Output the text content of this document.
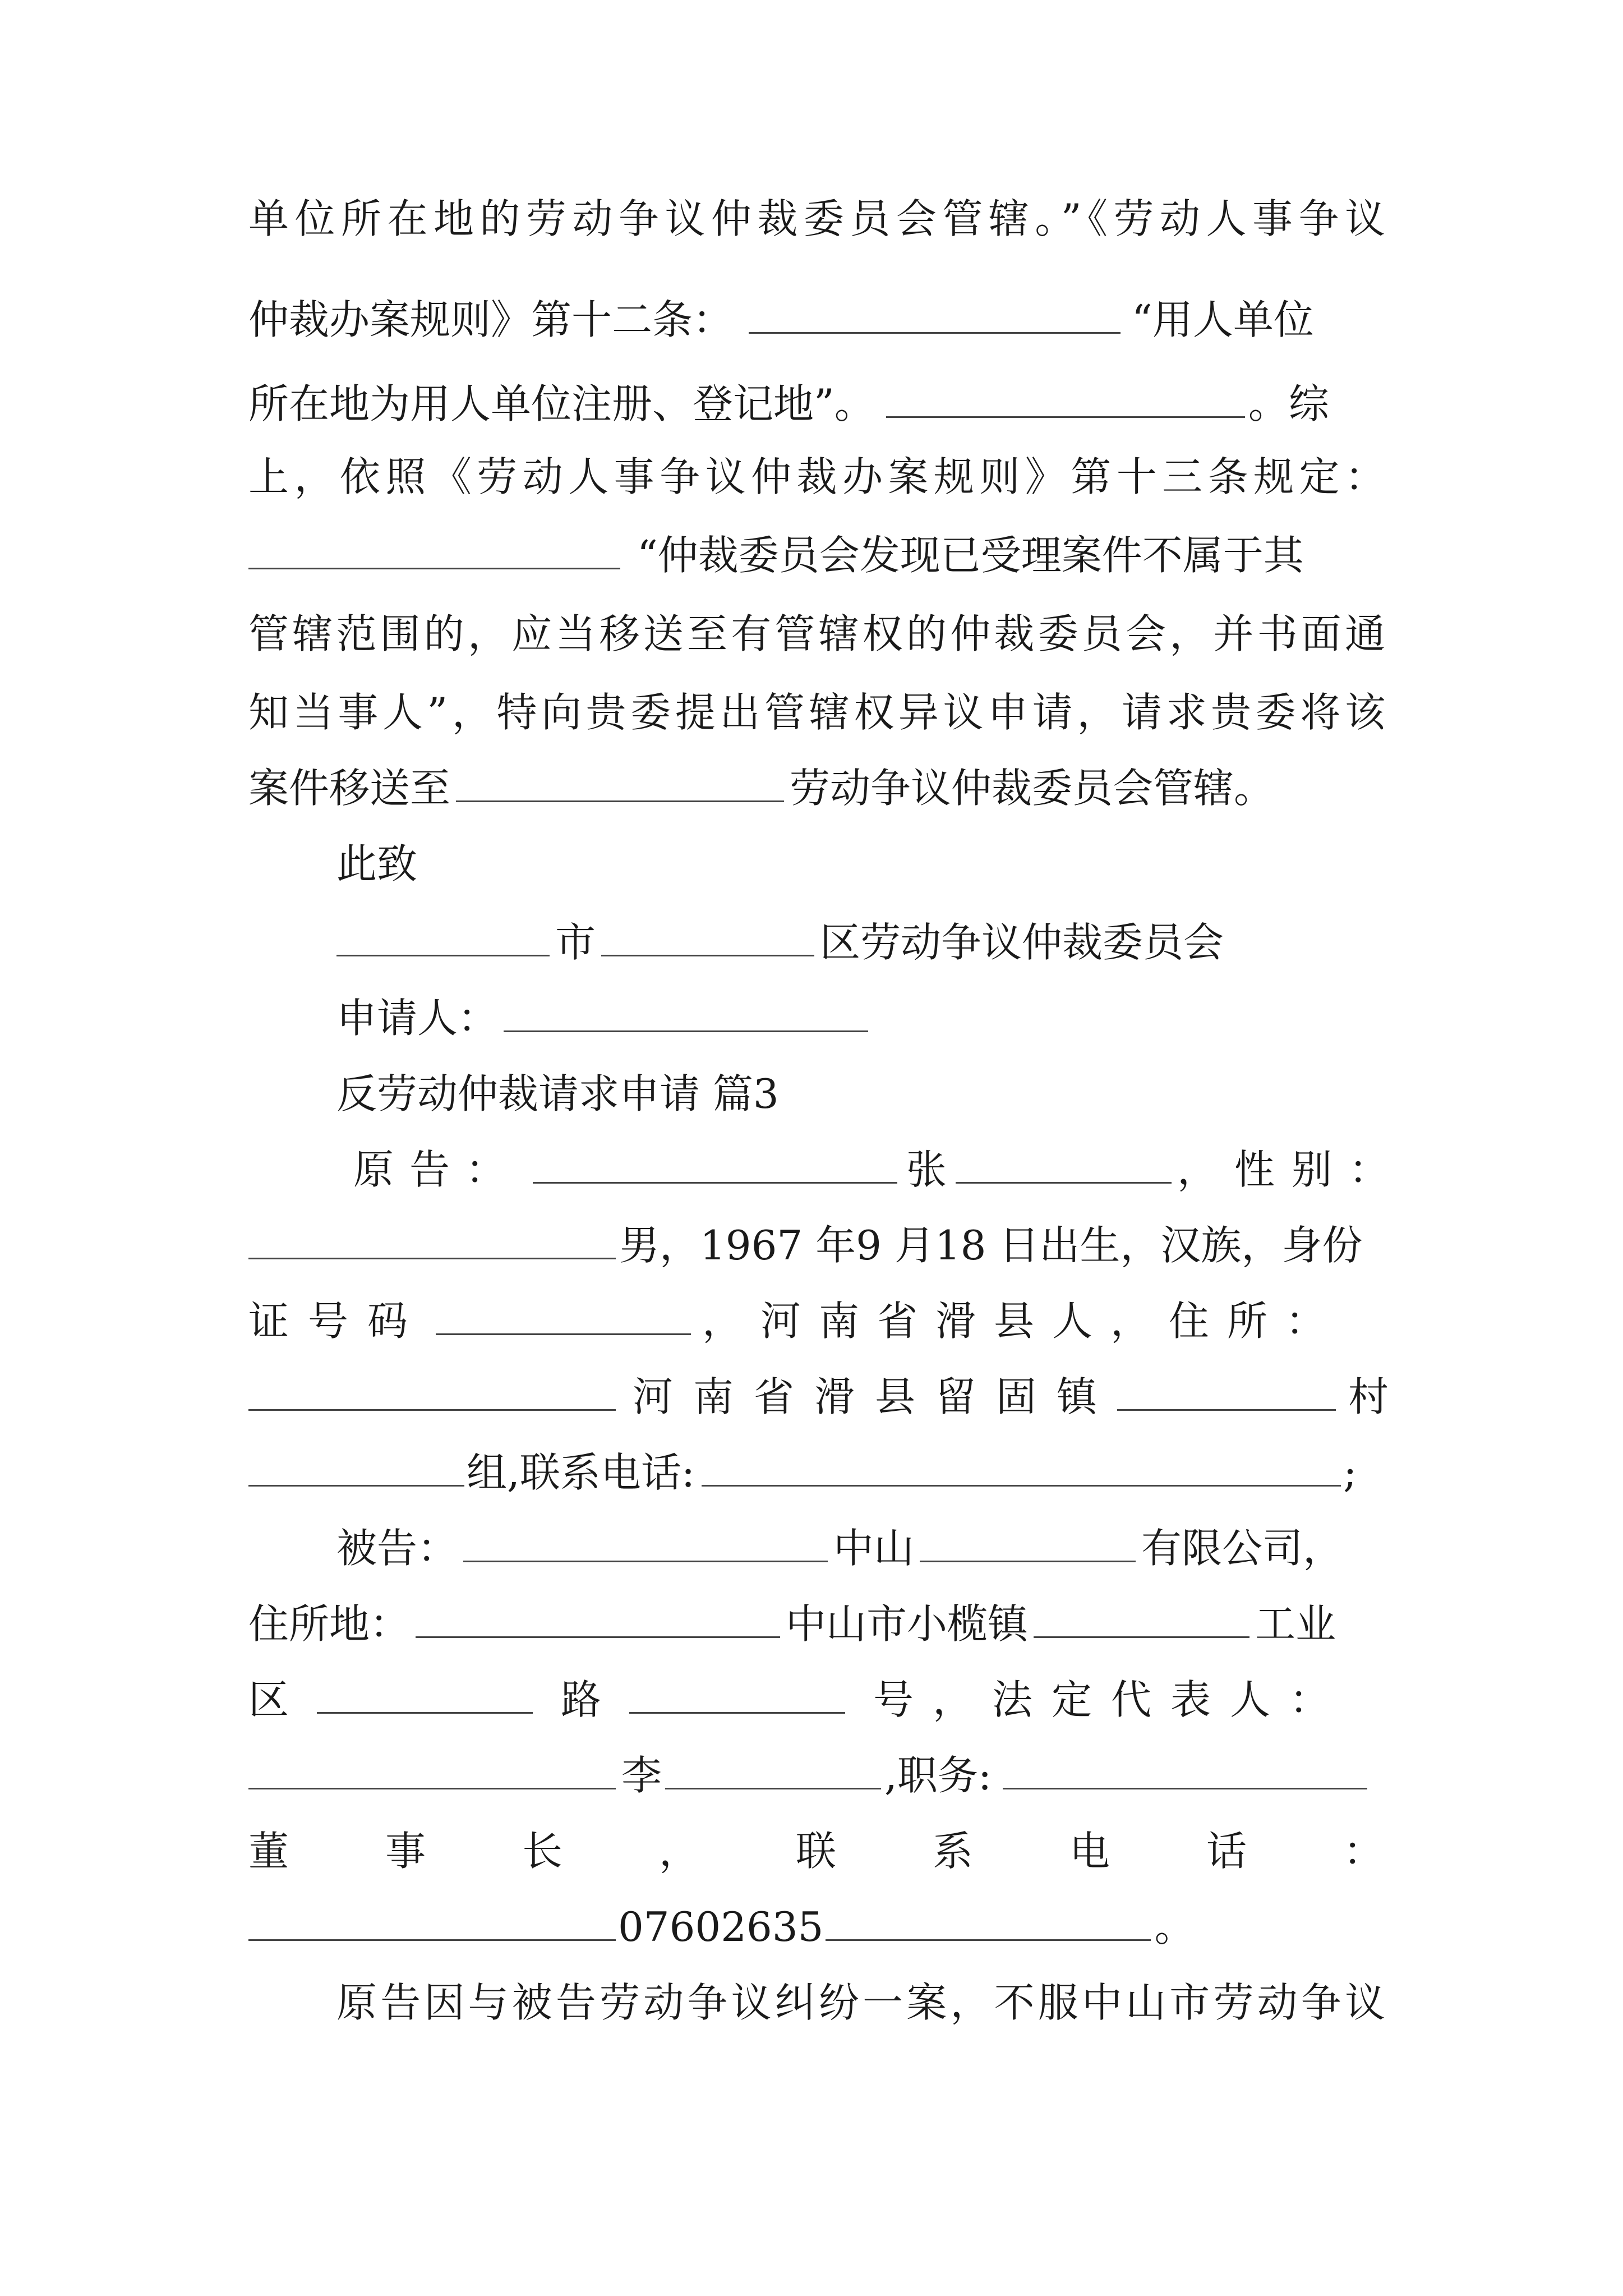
单位所在地的劳动争议仲裁委员会管辖。”《劳动人事争议
仲裁办案规则》第十二条：	“用人单位
所在地为用人单位注册、登记地”。	。综
上，依照《劳动人事争议仲裁办案规则》第十三条规定：
“仲裁委员会发现已受理案件不属于其
管辖范围的，应当移送至有管辖权的仲裁委员会，并书面通
知当事人”，特向贵委提出管辖权异议申请，请求贵委将该
案件移送至	劳动争议仲裁委员会管辖。
此致
市	区劳动争议仲裁委员会
申请人：
反劳动仲裁请求申请 篇3
原告：	张	，性别：
男，1967 年9 月18 日出生，汉族，身份
证号码	，河南省滑县人，住所：
河南省滑县留固镇	村
组,联系电话:	;
被告：	中山	有限公司，
住所地：	中山市小榄镇	工业
区	路	号，法定代表人：
李	,职务:
董事长，联系电话：
07602635	。
原告因与被告劳动争议纠纷一案，不服中山市劳动争议
